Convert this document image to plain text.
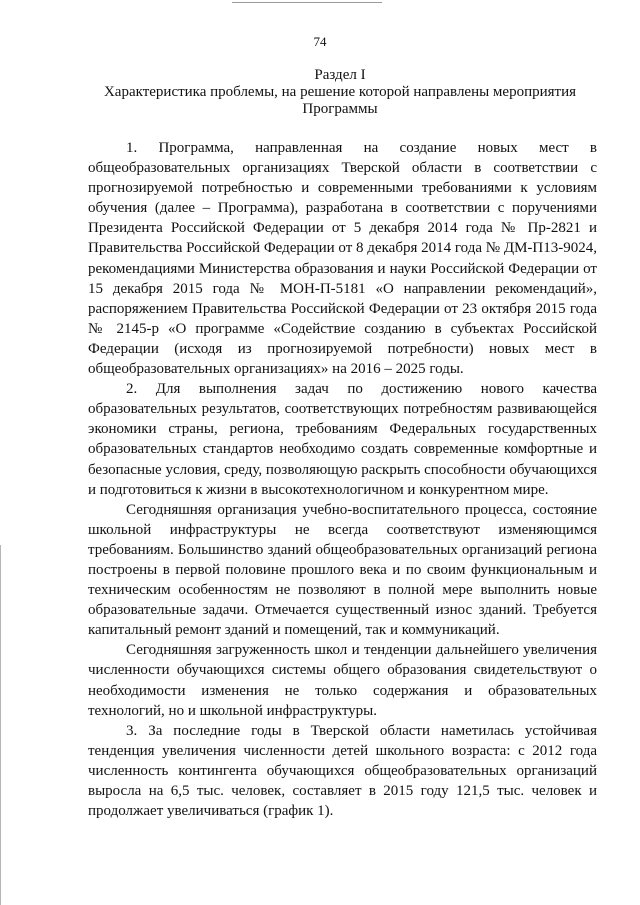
74

Раздел I
Характеристика проблемы, на решение которой направлены мероприятия
Программы

1. Программа, направленная на создание новых мест в общеобразовательных организациях Тверской области в соответствии с прогнозируемой потребностью и современными требованиями к условиям обучения (далее – Программа), разработана в соответствии с поручениями Президента Российской Федерации от 5 декабря 2014 года № Пр-2821 и Правительства Российской Федерации от 8 декабря 2014 года № ДМ-П13-9024, рекомендациями Министерства образования и науки Российской Федерации от 15 декабря 2015 года № МОН-П-5181 «О направлении рекомендаций», распоряжением Правительства Российской Федерации от 23 октября 2015 года № 2145-р «О программе «Содействие созданию в субъектах Российской Федерации (исходя из прогнозируемой потребности) новых мест в общеобразовательных организациях» на 2016 – 2025 годы.

2. Для выполнения задач по достижению нового качества образовательных результатов, соответствующих потребностям развивающейся экономики страны, региона, требованиям Федеральных государственных образовательных стандартов необходимо создать современные комфортные и безопасные условия, среду, позволяющую раскрыть способности обучающихся и подготовиться к жизни в высокотехнологичном и конкурентном мире.

Сегодняшняя организация учебно-воспитательного процесса, состояние школьной инфраструктуры не всегда соответствуют изменяющимся требованиям. Большинство зданий общеобразовательных организаций региона построены в первой половине прошлого века и по своим функциональным и техническим особенностям не позволяют в полной мере выполнить новые образовательные задачи. Отмечается существенный износ зданий. Требуется капитальный ремонт зданий и помещений, так и коммуникаций.

Сегодняшняя загруженность школ и тенденции дальнейшего увеличения численности обучающихся системы общего образования свидетельствуют о необходимости изменения не только содержания и образовательных технологий, но и школьной инфраструктуры.

3. За последние годы в Тверской области наметилась устойчивая тенденция увеличения численности детей школьного возраста: с 2012 года численность контингента обучающихся общеобразовательных организаций выросла на 6,5 тыс. человек, составляет в 2015 году 121,5 тыс. человек и продолжает увеличиваться (график 1).
